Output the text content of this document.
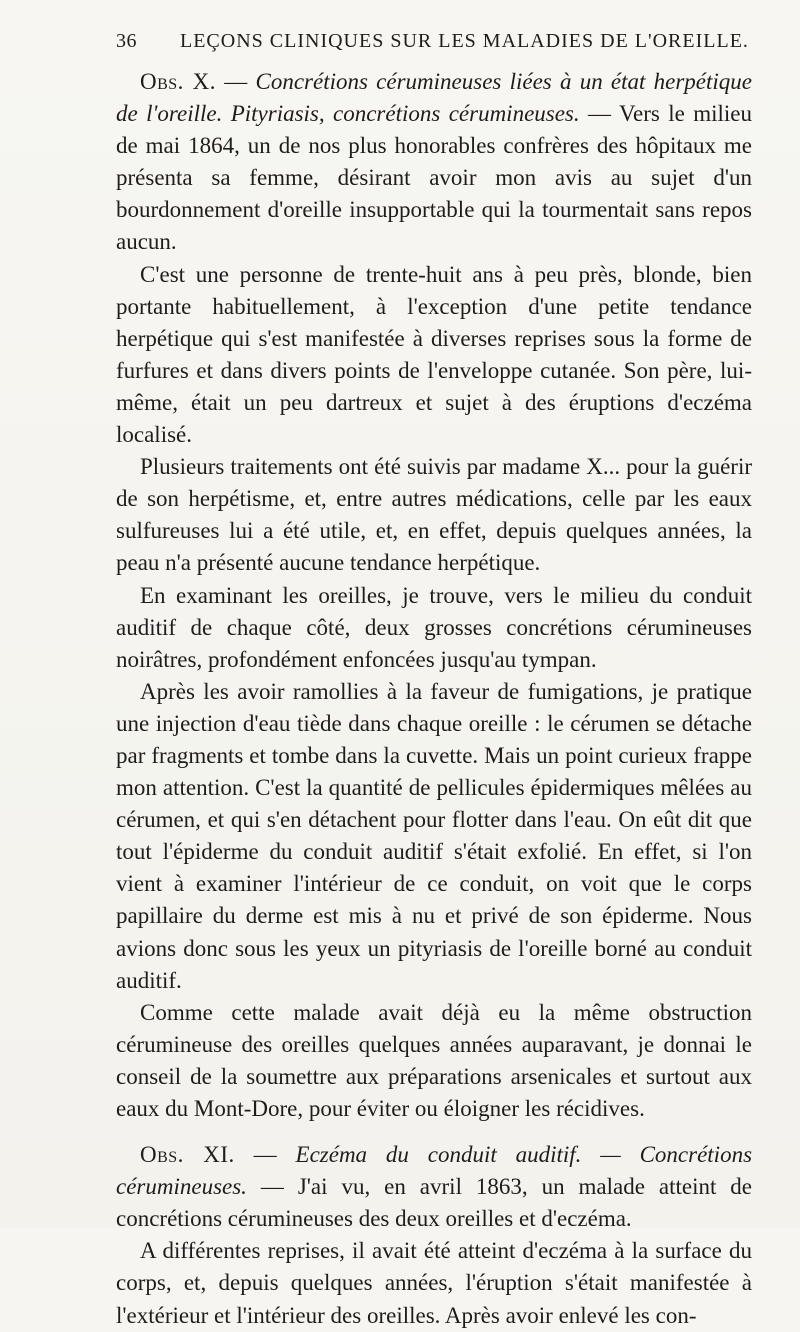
36 LEÇONS CLINIQUES SUR LES MALADIES DE L'OREILLE.

Obs. X. — Concrétions cérumineuses liées à un état herpétique de l'oreille. Pityriasis, concrétions cérumineuses. — Vers le milieu de mai 1864, un de nos plus honorables confrères des hôpitaux me présenta sa femme, désirant avoir mon avis au sujet d'un bourdonnement d'oreille insupportable qui la tourmentait sans repos aucun.

C'est une personne de trente-huit ans à peu près, blonde, bien portante habituellement, à l'exception d'une petite tendance herpétique qui s'est manifestée à diverses reprises sous la forme de furfures et dans divers points de l'enveloppe cutanée. Son père, lui-même, était un peu dartreux et sujet à des éruptions d'eczéma localisé.

Plusieurs traitements ont été suivis par madame X... pour la guérir de son herpétisme, et, entre autres médications, celle par les eaux sulfureuses lui a été utile, et, en effet, depuis quelques années, la peau n'a présenté aucune tendance herpétique.

En examinant les oreilles, je trouve, vers le milieu du conduit auditif de chaque côté, deux grosses concrétions cérumineuses noirâtres, profondément enfoncées jusqu'au tympan.

Après les avoir ramollies à la faveur de fumigations, je pratique une injection d'eau tiède dans chaque oreille : le cérumen se détache par fragments et tombe dans la cuvette. Mais un point curieux frappe mon attention. C'est la quantité de pellicules épidermiques mêlées au cérumen, et qui s'en détachent pour flotter dans l'eau. On eût dit que tout l'épiderme du conduit auditif s'était exfolié. En effet, si l'on vient à examiner l'intérieur de ce conduit, on voit que le corps papillaire du derme est mis à nu et privé de son épiderme. Nous avions donc sous les yeux un pityriasis de l'oreille borné au conduit auditif.

Comme cette malade avait déjà eu la même obstruction cérumineuse des oreilles quelques années auparavant, je donnai le conseil de la soumettre aux préparations arsenicales et surtout aux eaux du Mont-Dore, pour éviter ou éloigner les récidives.

Obs. XI. — Eczéma du conduit auditif. — Concrétions cérumineuses. — J'ai vu, en avril 1863, un malade atteint de concrétions cérumineuses des deux oreilles et d'eczéma.

A différentes reprises, il avait été atteint d'eczéma à la surface du corps, et, depuis quelques années, l'éruption s'était manifestée à l'extérieur et l'intérieur des oreilles. Après avoir enlevé les con-
